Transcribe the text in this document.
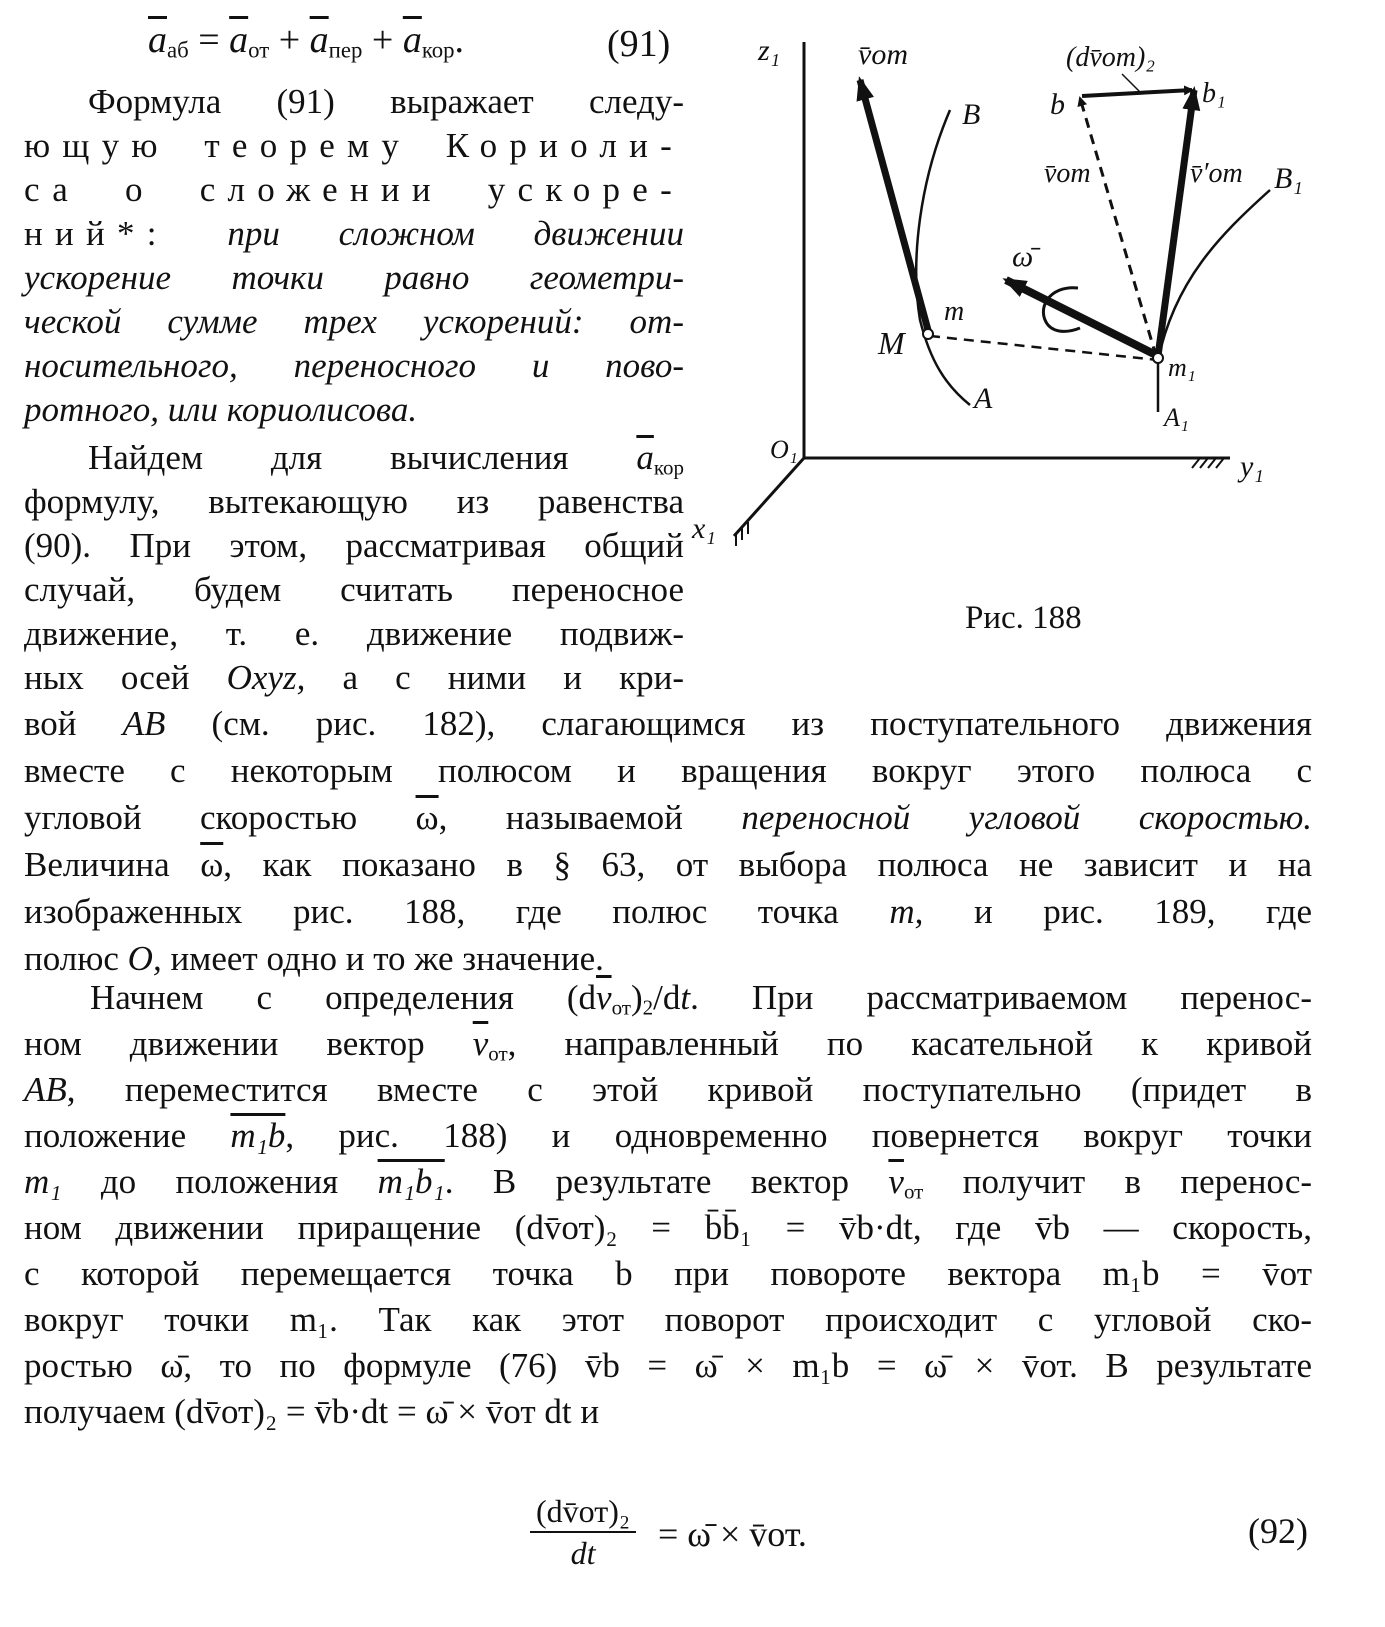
$\overline{a}_{аб} = \overline{a}_{от} + \overline{a}_{пер} + \overline{a}_{кор}$.	(91)
Формула (91) выражает следу-
ющую теорему Кориоли-
са о сложении ускоре-
ний*: при сложном движении
ускорение точки равно геометри-
ческой сумме трех ускорений: от-
носительного, переносного и пово-
ротного, или кориолисова.
Найдем для вычисления $\overline{a}_{кор}$
формулу, вытекающую из равенства
(90). При этом, рассматривая общий
случай, будем считать переносное
движение, т. е. движение подвиж-
ных осей Oxyz, а с ними и кри-
вой AB (см. рис. 182), слагающимся из поступательного движения
вместе с некоторым полюсом и вращения вокруг этого полюса с
угловой скоростью $\overline{\omega}$, называемой переносной угловой скоростью.
Величина $\overline{\omega}$, как показано в § 63, от выбора полюса не зависит и на
изображенных рис. 188, где полюс точка m, и рис. 189, где
полюс O, имеет одно и то же значение.
Начнем с определения $(d\overline{v}_{от})_2/dt$. При рассматриваемом перенос-
ном движении вектор $\overline{v}_{от}$, направленный по касательной к кривой
AB, переместится вместе с этой кривой поступательно (придет в
положение m₁b, рис. 188) и одновременно повернется вокруг точки
m₁ до положения m₁b₁. В результате вектор $\overline{v}_{от}$ получит в перенос-
ном движении приращение (dv̄от)₂ = b̄b̄₁ = v̄b·dt, где v̄b — скорость,
с которой перемещается точка b при повороте вектора m₁b = v̄от
вокруг точки m₁. Так как этот поворот происходит с угловой ско-
ростью ω̄, то по формуле (76) v̄b = ω̄ × m₁b = ω̄ × v̄от. В результате
получаем (dv̄от)₂ = v̄b·dt = ω̄ × v̄от dt и
(dv̄от)₂
dt	= ω̄ × v̄от.	(92)
z₁
y₁
x₁
O₁
v̄от	(dv̄от)₂
b	b₁
B
B₁
v̄от	v̄′от
ω̄
m
M
m₁
A
A₁
Рис. 188
